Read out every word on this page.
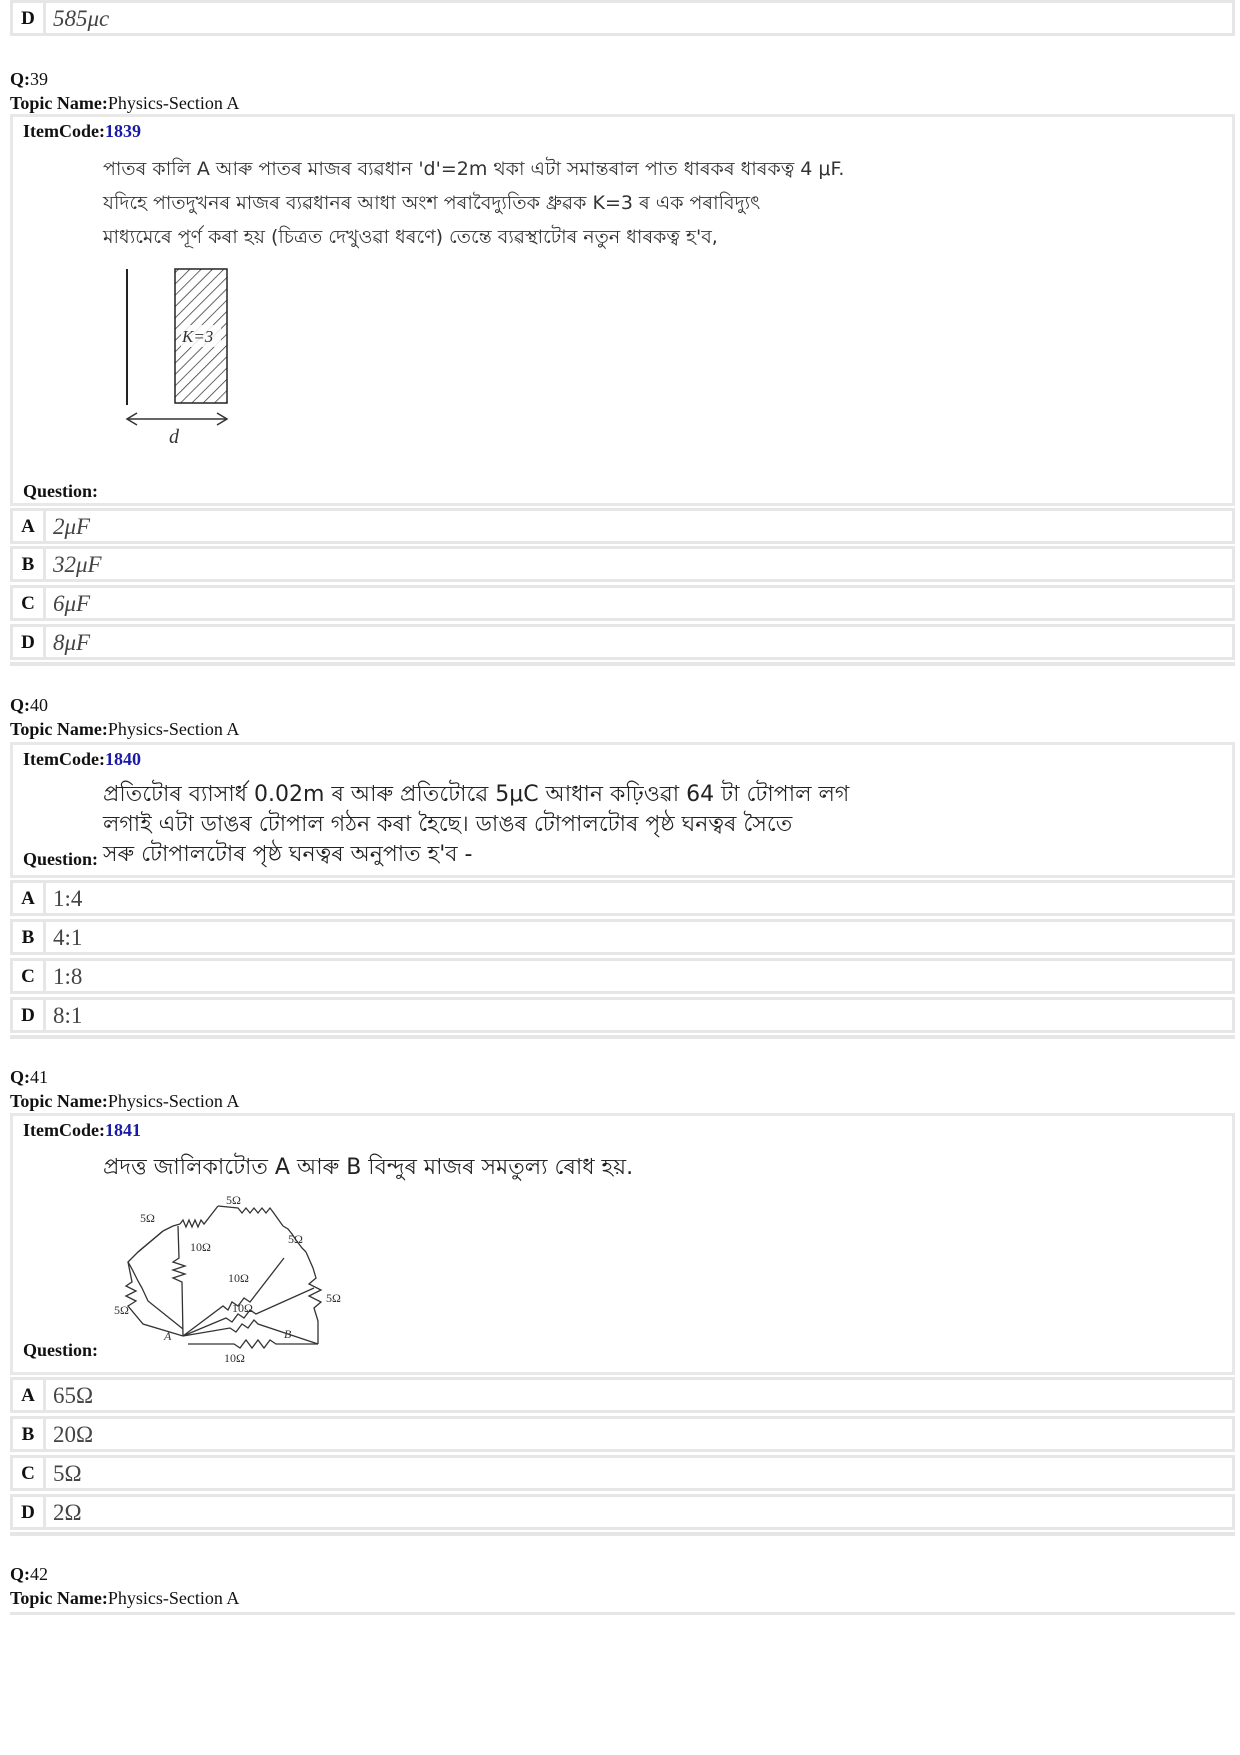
D 585μc
Q:39
Topic Name:Physics-Section A
ItemCode:1839
পাতৰ কালি A আৰু পাতৰ মাজৰ ব্যৱধান 'd'=2m থকা এটা সমান্তৰাল পাত ধাৰকৰ ধাৰকত্ব 4 μF.
যদিহে পাতদুখনৰ মাজৰ ব্যৱধানৰ আধা অংশ পৰাবৈদ্যুতিক ধ্রুৱক K=3 ৰ এক পৰাবিদ্যুৎ
মাধ্যমেৰে পূৰ্ণ কৰা হয় (চিত্ৰত দেখুওৱা ধৰণে) তেন্তে ব্যৱস্থাটোৰ নতুন ধাৰকত্ব হ'ব,
K=3
d
Question:
A 2μF
B 32μF
C 6μF
D 8μF
Q:40
Topic Name:Physics-Section A
ItemCode:1840
প্ৰতিটোৰ ব্যাসাৰ্ধ 0.02m ৰ আৰু প্ৰতিটোৱে 5μC আধান কঢ়িওৱা 64 টা টোপাল লগ
লগাই এটা ডাঙৰ টোপাল গঠন কৰা হৈছে। ডাঙৰ টোপালটোৰ পৃষ্ঠ ঘনত্বৰ সৈতে
সৰু টোপালটোৰ পৃষ্ঠ ঘনত্বৰ অনুপাত হ'ব -
Question:
A 1:4
B 4:1
C 1:8
D 8:1
Q:41
Topic Name:Physics-Section A
ItemCode:1841
প্ৰদত্ত জালিকাটোত A আৰু B বিন্দুৰ মাজৰ সমতুল্য ৰোধ হয়.
5Ω
5Ω
5Ω
5Ω
5Ω
10Ω
10Ω
10Ω
10Ω
A	B
Question:
A 65Ω
B 20Ω
C 5Ω
D 2Ω
Q:42
Topic Name:Physics-Section A
